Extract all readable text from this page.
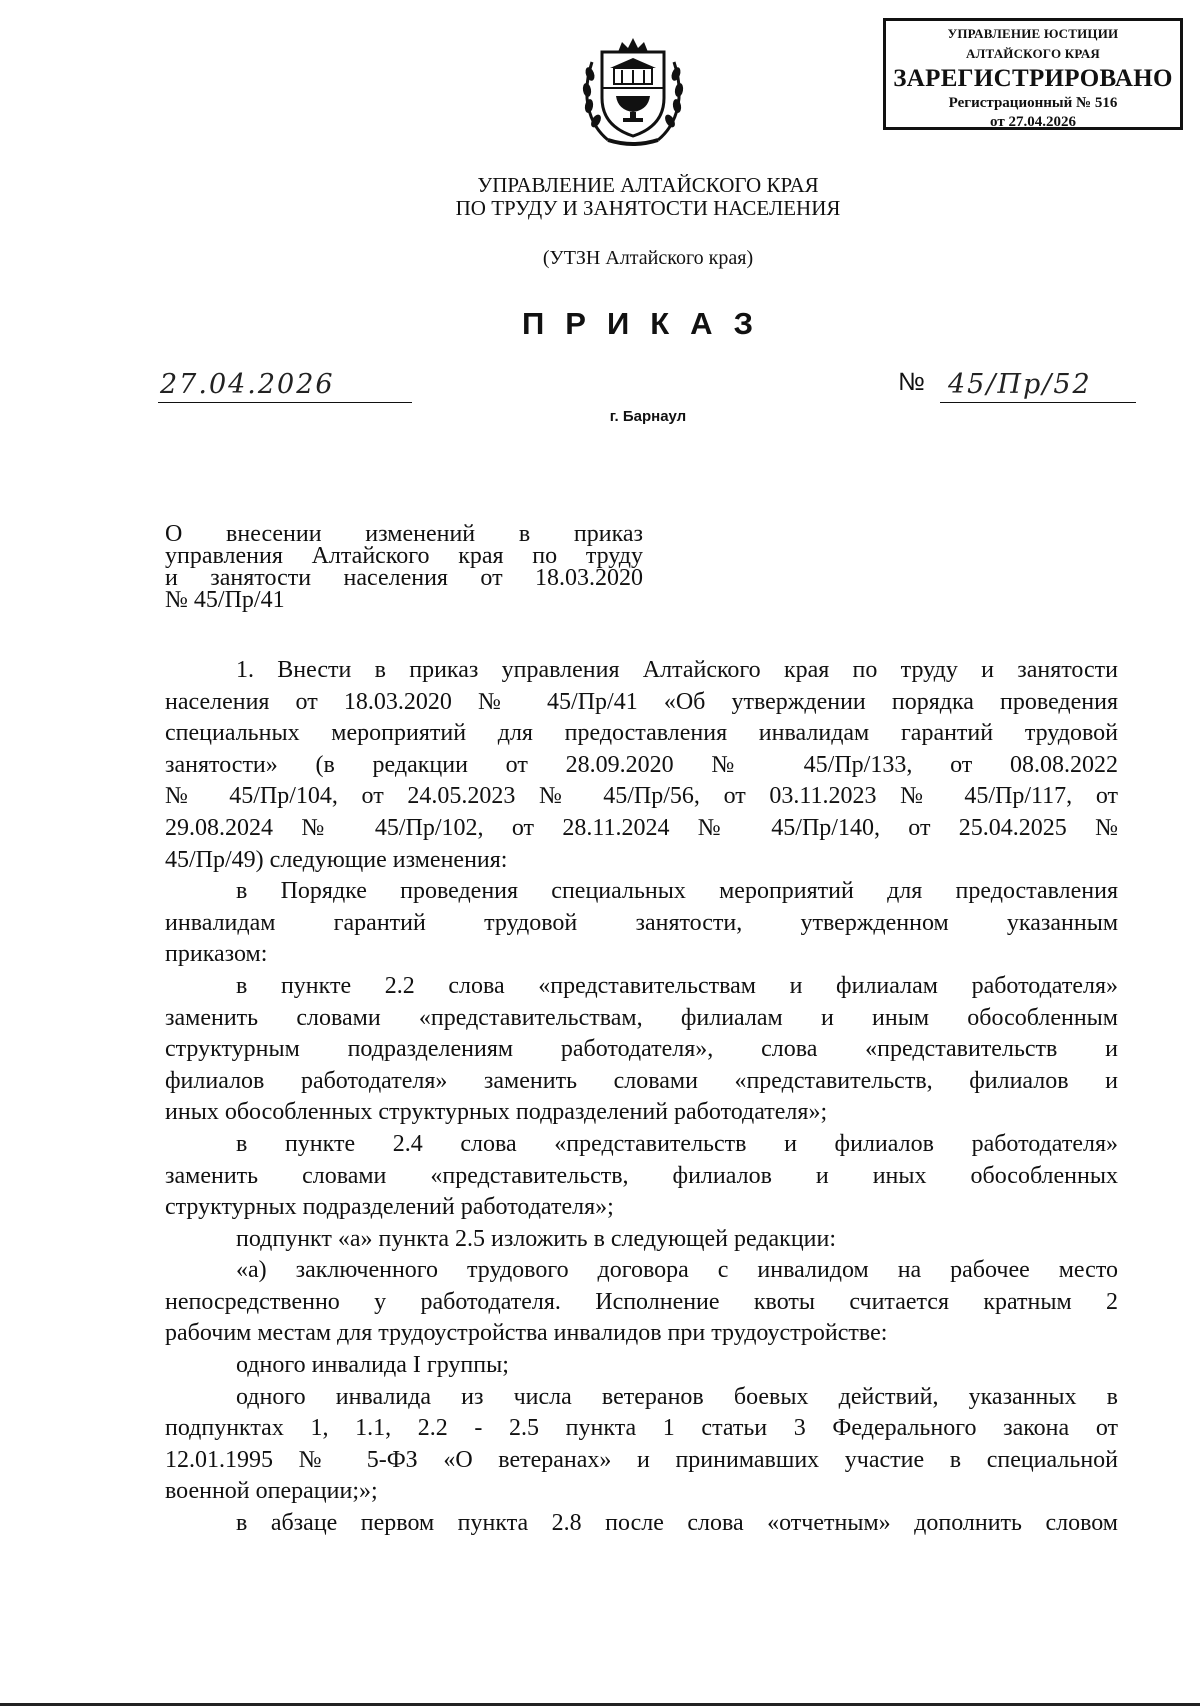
УПРАВЛЕНИЕ ЮСТИЦИИ
АЛТАЙСКОГО КРАЯ
ЗАРЕГИСТРИРОВАНО
Регистрационный № 516
от 27.04.2026
УПРАВЛЕНИЕ АЛТАЙСКОГО КРАЯ
ПО ТРУДУ И ЗАНЯТОСТИ НАСЕЛЕНИЯ
(УТЗН Алтайского края)
ПРИКАЗ
27.04.2026	№ 45/Пр/52
г. Барнаул
О внесении изменений в приказ
управления Алтайского края по труду
и занятости населения от 18.03.2020
№ 45/Пр/41
1. Внести в приказ управления Алтайского края по труду и занятости
населения от 18.03.2020 № 45/Пр/41 «Об утверждении порядка проведения
специальных мероприятий для предоставления инвалидам гарантий трудовой
занятости» (в редакции от 28.09.2020 № 45/Пр/133, от 08.08.2022
№ 45/Пр/104, от 24.05.2023 № 45/Пр/56, от 03.11.2023 № 45/Пр/117, от
29.08.2024 № 45/Пр/102, от 28.11.2024 № 45/Пр/140, от 25.04.2025 №
45/Пр/49) следующие изменения:
в Порядке проведения специальных мероприятий для предоставления
инвалидам гарантий трудовой занятости, утвержденном указанным
приказом:
в пункте 2.2 слова «представительствам и филиалам работодателя»
заменить словами «представительствам, филиалам и иным обособленным
структурным подразделениям работодателя», слова «представительств и
филиалов работодателя» заменить словами «представительств, филиалов и
иных обособленных структурных подразделений работодателя»;
в пункте 2.4 слова «представительств и филиалов работодателя»
заменить словами «представительств, филиалов и иных обособленных
структурных подразделений работодателя»;
подпункт «а» пункта 2.5 изложить в следующей редакции:
«а) заключенного трудового договора с инвалидом на рабочее место
непосредственно у работодателя. Исполнение квоты считается кратным 2
рабочим местам для трудоустройства инвалидов при трудоустройстве:
одного инвалида I группы;
одного инвалида из числа ветеранов боевых действий, указанных в
подпунктах 1, 1.1, 2.2 - 2.5 пункта 1 статьи 3 Федерального закона от
12.01.1995 № 5-ФЗ «О ветеранах» и принимавших участие в специальной
военной операции;»;
в абзаце первом пункта 2.8 после слова «отчетным» дополнить словом
